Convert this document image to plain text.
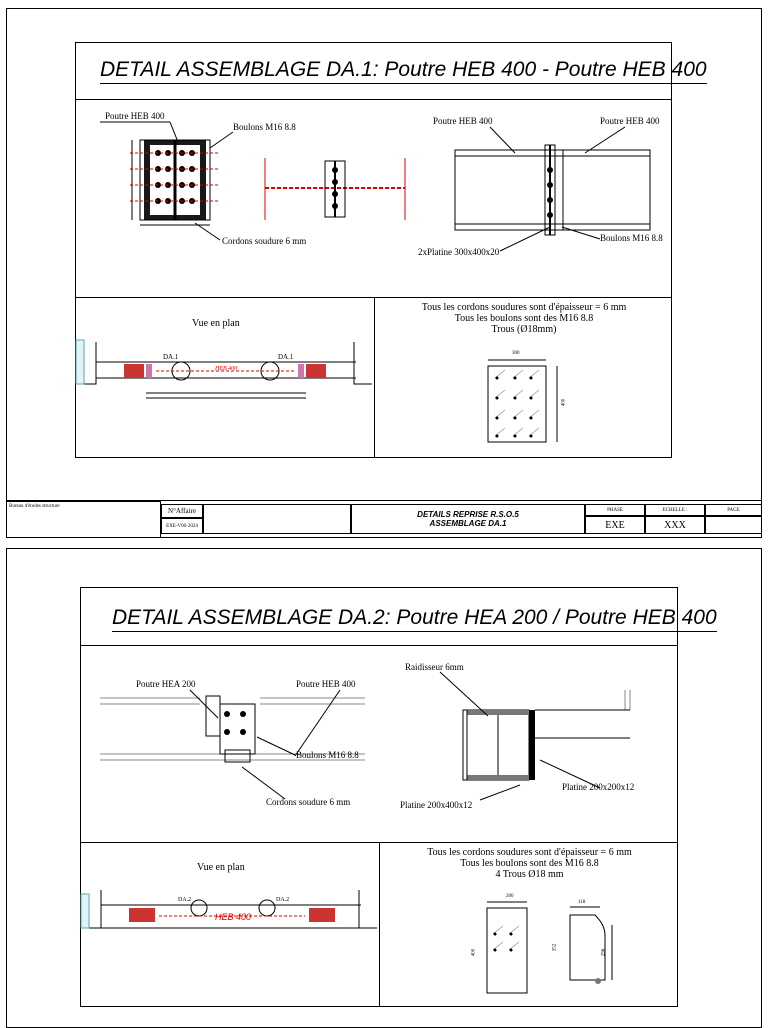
DETAIL ASSEMBLAGE DA.1: Poutre HEB 400 - Poutre HEB 400
Poutre HEB 400
Boulons M16 8.8
Cordons soudure 6 mm
Poutre HEB 400	Poutre HEB 400
Boulons M16 8.8
2xPlatine 300x400x20
Vue en plan
DA.1	DA.1
HEB 400
Tous les cordons soudures sont d'épaisseur = 6 mm
Tous les boulons sont des M16 8.8
Trous (Ø18mm)
300
400
Bureau d'études structure
N°Affaire
EXE-V00-2024
DETAILS REPRISE R.S.O.5
ASSEMBLAGE DA.1
PHASE
EXE
ECHELLE :
XXX
PAGE
DETAIL ASSEMBLAGE DA.2: Poutre HEA 200 / Poutre HEB 400
Poutre HEA 200	Poutre HEB 400
Boulons M16 8.8
Cordons soudure 6 mm
Raidisseur 6mm
Platine 200x200x12
Platine 200x400x12
Vue en plan
DA.2	DA.2
HEB 400
Tous les cordons soudures sont d'épaisseur = 6 mm
Tous les boulons sont des M16 8.8
4 Trous Ø18 mm
200
400
118
352
296
